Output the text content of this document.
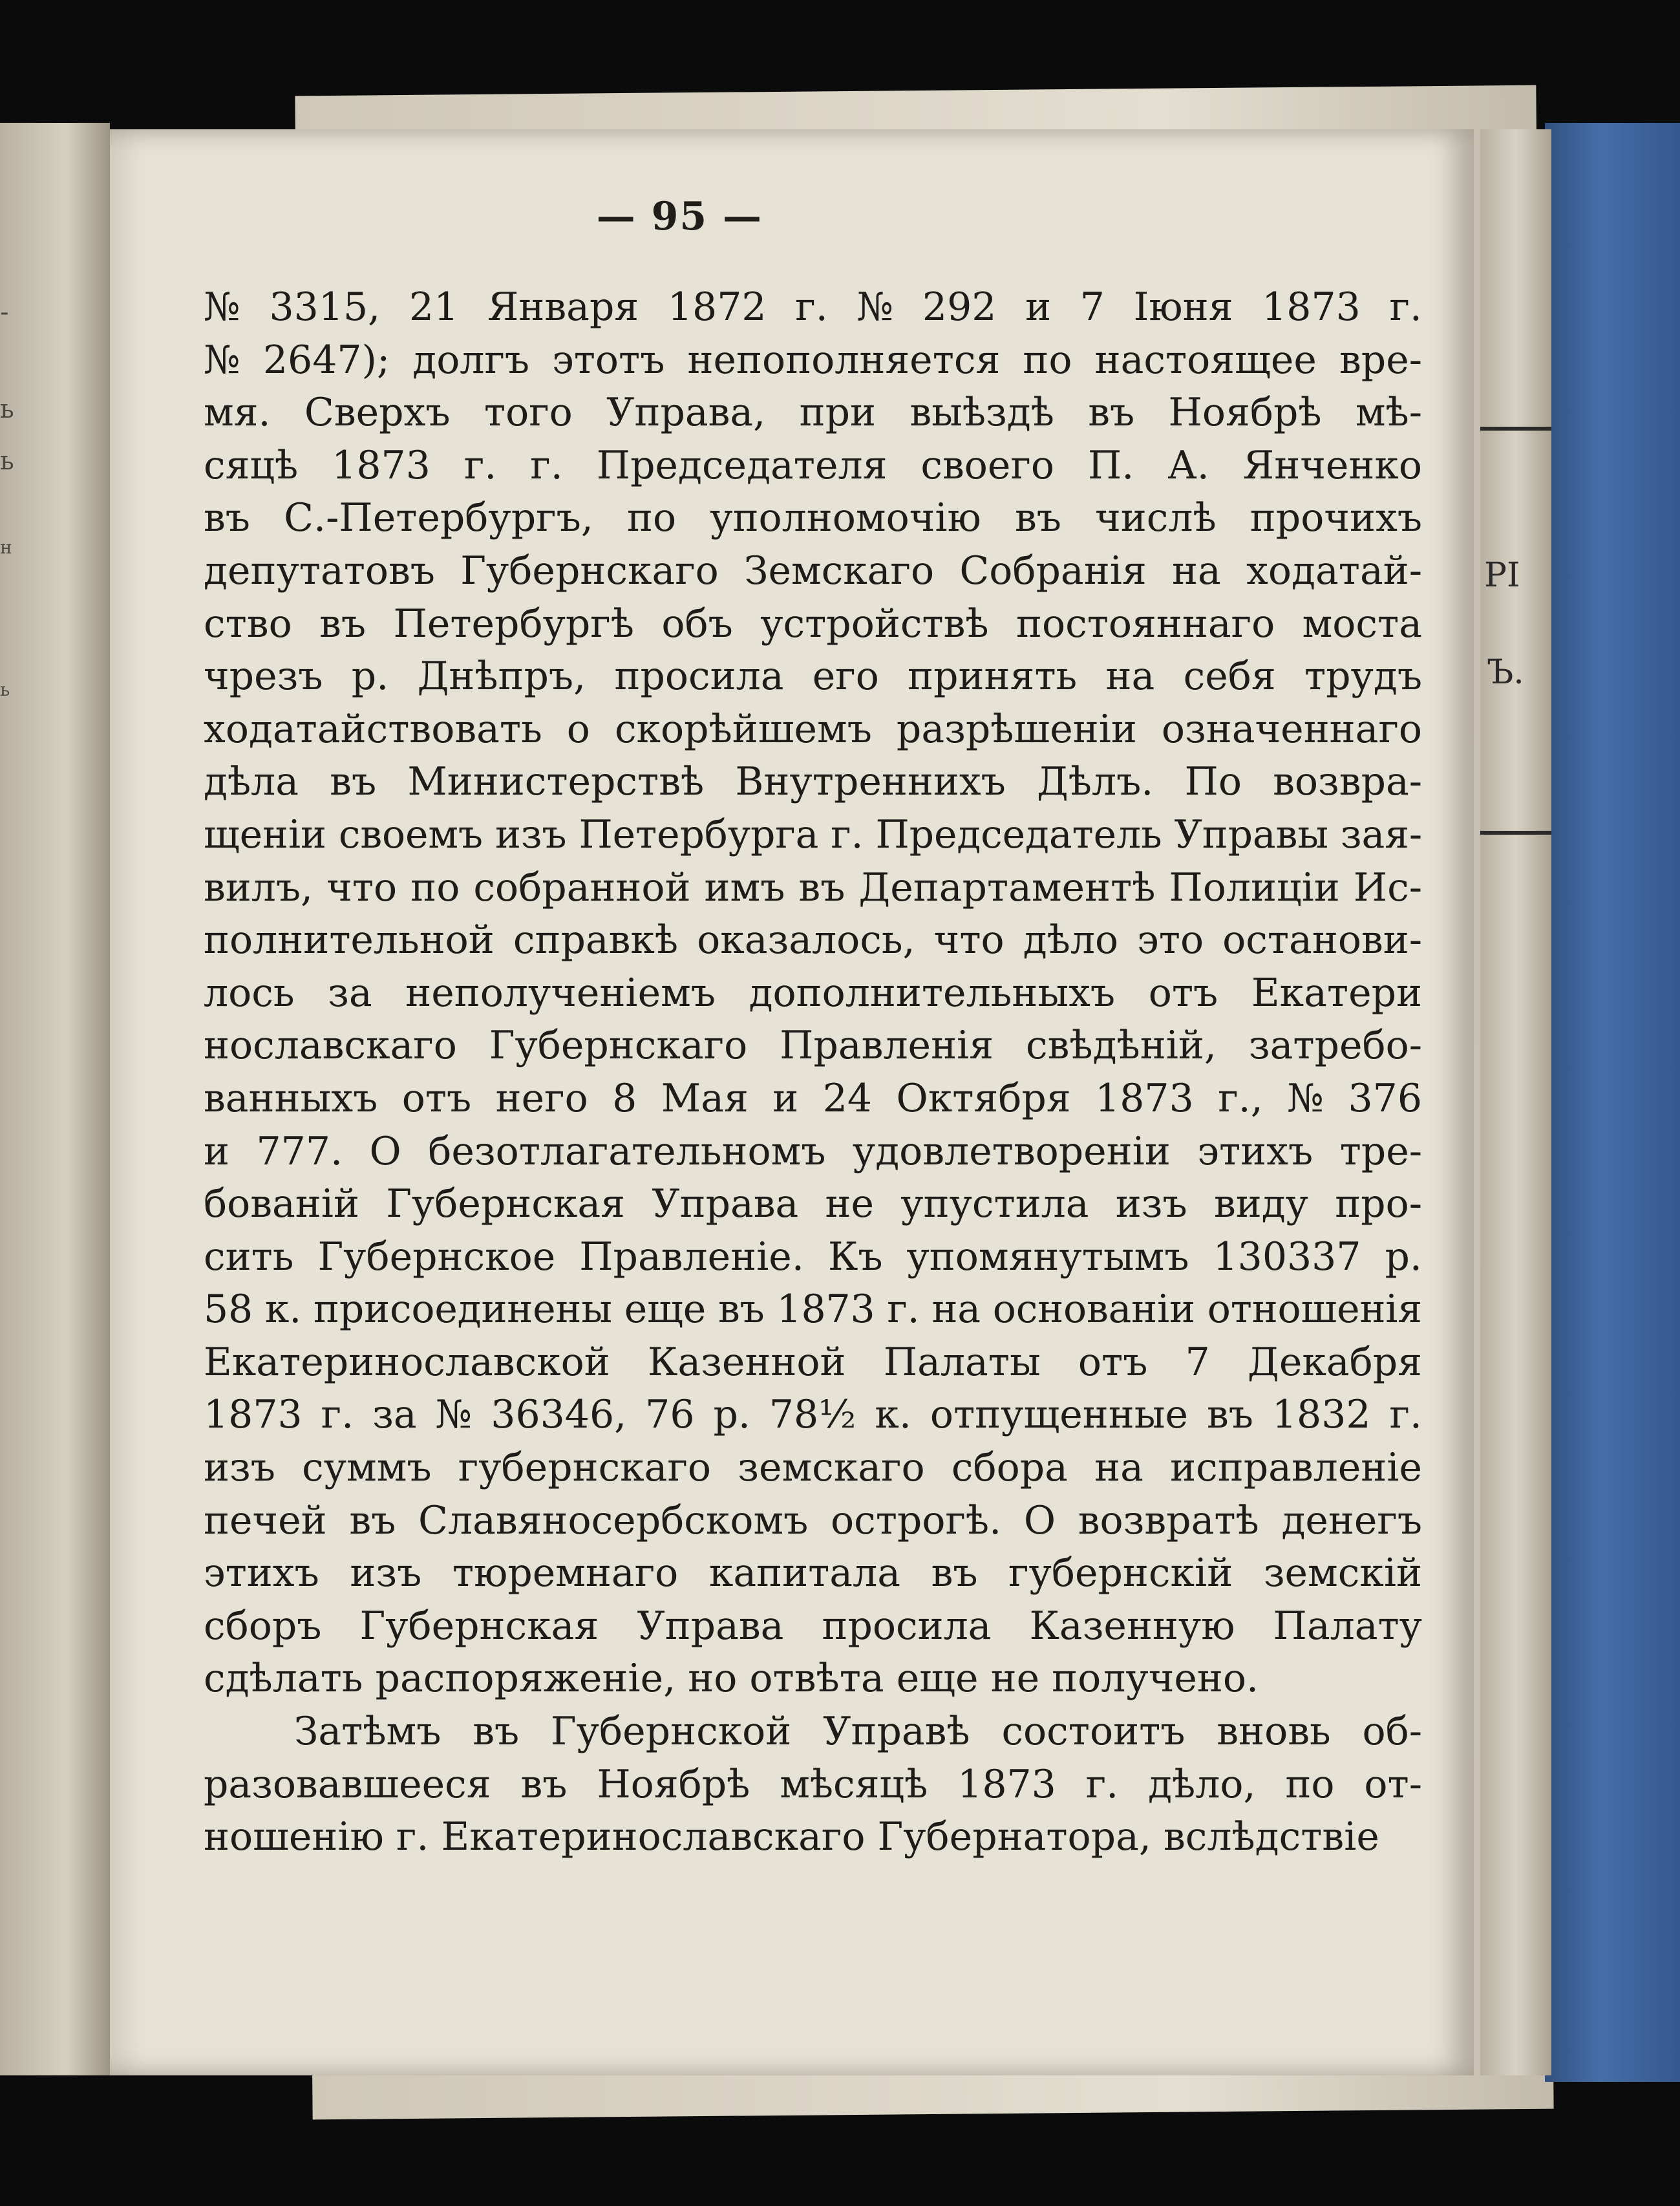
-
ь
ь
н
ь
РІ
Ъ.
— 95 —
№ 3315, 21 Января 1872 г. № 292 и 7 Іюня 1873 г.
№ 2647); долгъ этотъ непополняется по настоящее вре-
мя. Сверхъ того Управа, при выѣздѣ въ Ноябрѣ мѣ-
сяцѣ 1873 г. г. Председателя своего П. А. Янченко
въ С.-Петербургъ, по уполномочію въ числѣ прочихъ
депутатовъ Губернскаго Земскаго Собранія на ходатай-
ство въ Петербургѣ объ устройствѣ постояннаго моста
чрезъ р. Днѣпръ, просила его принять на себя трудъ
ходатайствовать о скорѣйшемъ разрѣшеніи означеннаго
дѣла въ Министерствѣ Внутреннихъ Дѣлъ. По возвра-
щеніи своемъ изъ Петербурга г. Председатель Управы зая-
вилъ, что по собранной имъ въ Департаментѣ Полиціи Ис-
полнительной справкѣ оказалось, что дѣло это останови-
лось за неполученіемъ дополнительныхъ отъ Екатери
нославскаго Губернскаго Правленія свѣдѣній, затребо-
ванныхъ отъ него 8 Мая и 24 Октября 1873 г., № 376
и 777. О безотлагательномъ удовлетвореніи этихъ тре-
бованій Губернская Управа не упустила изъ виду про-
сить Губернское Правленіе. Къ упомянутымъ 130337 р.
58 к. присоединены еще въ 1873 г. на основаніи отношенія
Екатеринославской Казенной Палаты отъ 7 Декабря
1873 г. за № 36346, 76 р. 78½ к. отпущенные въ 1832 г.
изъ суммъ губернскаго земскаго сбора на исправленіе
печей въ Славяносербскомъ острогѣ. О возвратѣ денегъ
этихъ изъ тюремнаго капитала въ губернскій земскій
сборъ Губернская Управа просила Казенную Палату
сдѣлать распоряженіе, но отвѣта еще не получено.
Затѣмъ въ Губернской Управѣ состоитъ вновь об-
разовавшееся въ Ноябрѣ мѣсяцѣ 1873 г. дѣло, по от-
ношенію г. Екатеринославскаго Губернатора, вслѣдствіе
